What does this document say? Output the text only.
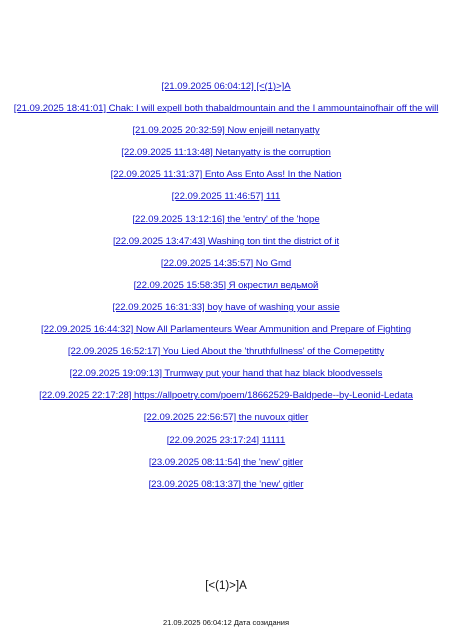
[21.09.2025 06:04:12] [<(1)>]A
[21.09.2025 18:41:01] Chak: I will expell both thabaldmountain and the I ammountainofhair off the will
[21.09.2025 20:32:59] Now enjeill netanyatty
[22.09.2025 11:13:48] Netanyatty is the corruption
[22.09.2025 11:31:37] Ento Ass Ento Ass! In the Nation
[22.09.2025 11:46:57] 111
[22.09.2025 13:12:16] the 'entry' of the 'hope
[22.09.2025 13:47:43] Washing ton tint the district of it
[22.09.2025 14:35:57] No Gmd
[22.09.2025 15:58:35] Я окрестил ведьмой
[22.09.2025 16:31:33] boy have of washing your assie
[22.09.2025 16:44:32] Now All Parlamenteurs Wear Ammunition and Prepare of Fighting
[22.09.2025 16:52:17] You Lied About the 'thruthfullness' of the Comepetitty
[22.09.2025 19:09:13] Trumway put your hand that haz black bloodvessels
[22.09.2025 22:17:28] https://allpoetry.com/poem/18662529-Baldpede--by-Leonid-Ledata
[22.09.2025 22:56:57] the nuvoux gitler
[22.09.2025 23:17:24] 11111
[23.09.2025 08:11:54] the 'new' gitler
[23.09.2025 08:13:37] the 'new' gitler
[<(1)>]A
21.09.2025 06:04:12 Дата созидания
